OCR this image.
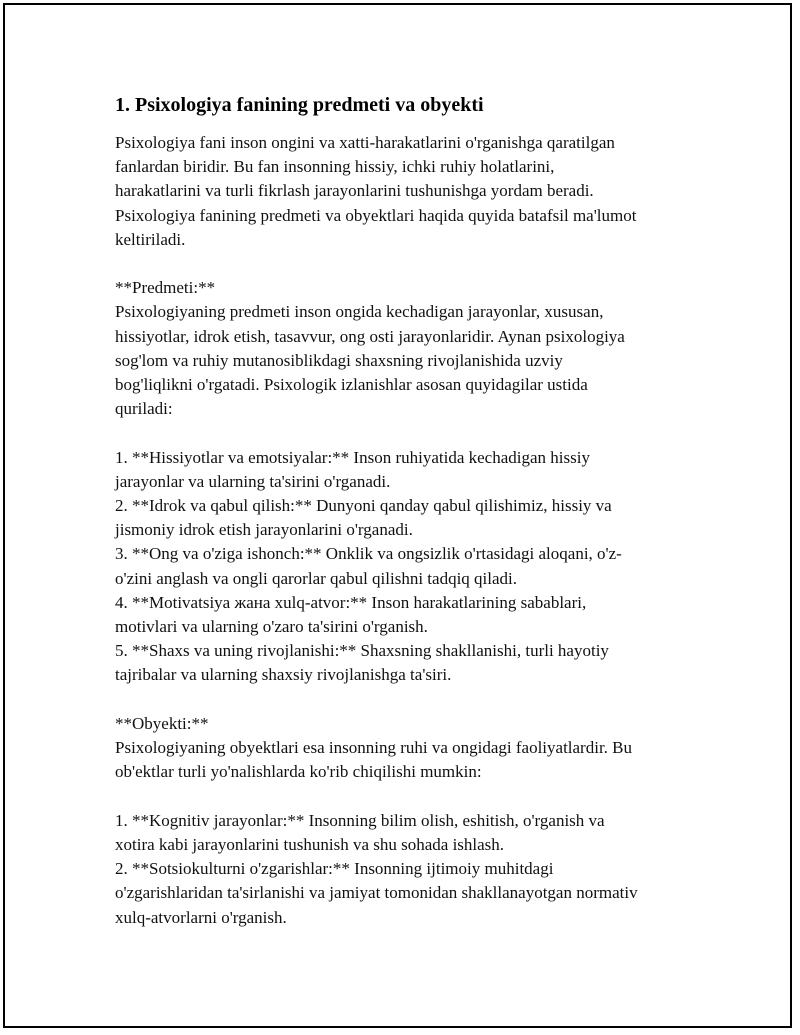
1. Psixologiya fanining predmeti va obyekti
Psixologiya fani inson ongini va xatti-harakatlarini o'rganishga qaratilgan
fanlardan biridir. Bu fan insonning hissiy, ichki ruhiy holatlarini,
harakatlarini va turli fikrlash jarayonlarini tushunishga yordam beradi.
Psixologiya fanining predmeti va obyektlari haqida quyida batafsil ma'lumot
keltiriladi.

**Predmeti:**
Psixologiyaning predmeti inson ongida kechadigan jarayonlar, xususan,
hissiyotlar, idrok etish, tasavvur, ong osti jarayonlaridir. Aynan psixologiya
sog'lom va ruhiy mutanosiblikdagi shaxsning rivojlanishida uzviy
bog'liqlikni o'rgatadi. Psixologik izlanishlar asosan quyidagilar ustida
quriladi:

1. **Hissiyotlar va emotsiyalar:** Inson ruhiyatida kechadigan hissiy
jarayonlar va ularning ta'sirini o'rganadi.
2. **Idrok va qabul qilish:** Dunyoni qanday qabul qilishimiz, hissiy va
jismoniy idrok etish jarayonlarini o'rganadi.
3. **Ong va o'ziga ishonch:** Onklik va ongsizlik o'rtasidagi aloqani, o'z-
o'zini anglash va ongli qarorlar qabul qilishni tadqiq qiladi.
4. **Motivatsiya жана xulq-atvor:** Inson harakatlarining sabablari,
motivlari va ularning o'zaro ta'sirini o'rganish.
5. **Shaxs va uning rivojlanishi:** Shaxsning shakllanishi, turli hayotiy
tajribalar va ularning shaxsiy rivojlanishga ta'siri.

**Obyekti:**
Psixologiyaning obyektlari esa insonning ruhi va ongidagi faoliyatlardir. Bu
ob'ektlar turli yo'nalishlarda ko'rib chiqilishi mumkin:

1. **Kognitiv jarayonlar:** Insonning bilim olish, eshitish, o'rganish va
xotira kabi jarayonlarini tushunish va shu sohada ishlash.
2. **Sotsiokulturni o'zgarishlar:** Insonning ijtimoiy muhitdagi
o'zgarishlaridan ta'sirlanishi va jamiyat tomonidan shakllanayotgan normativ
xulq-atvorlarni o'rganish.
